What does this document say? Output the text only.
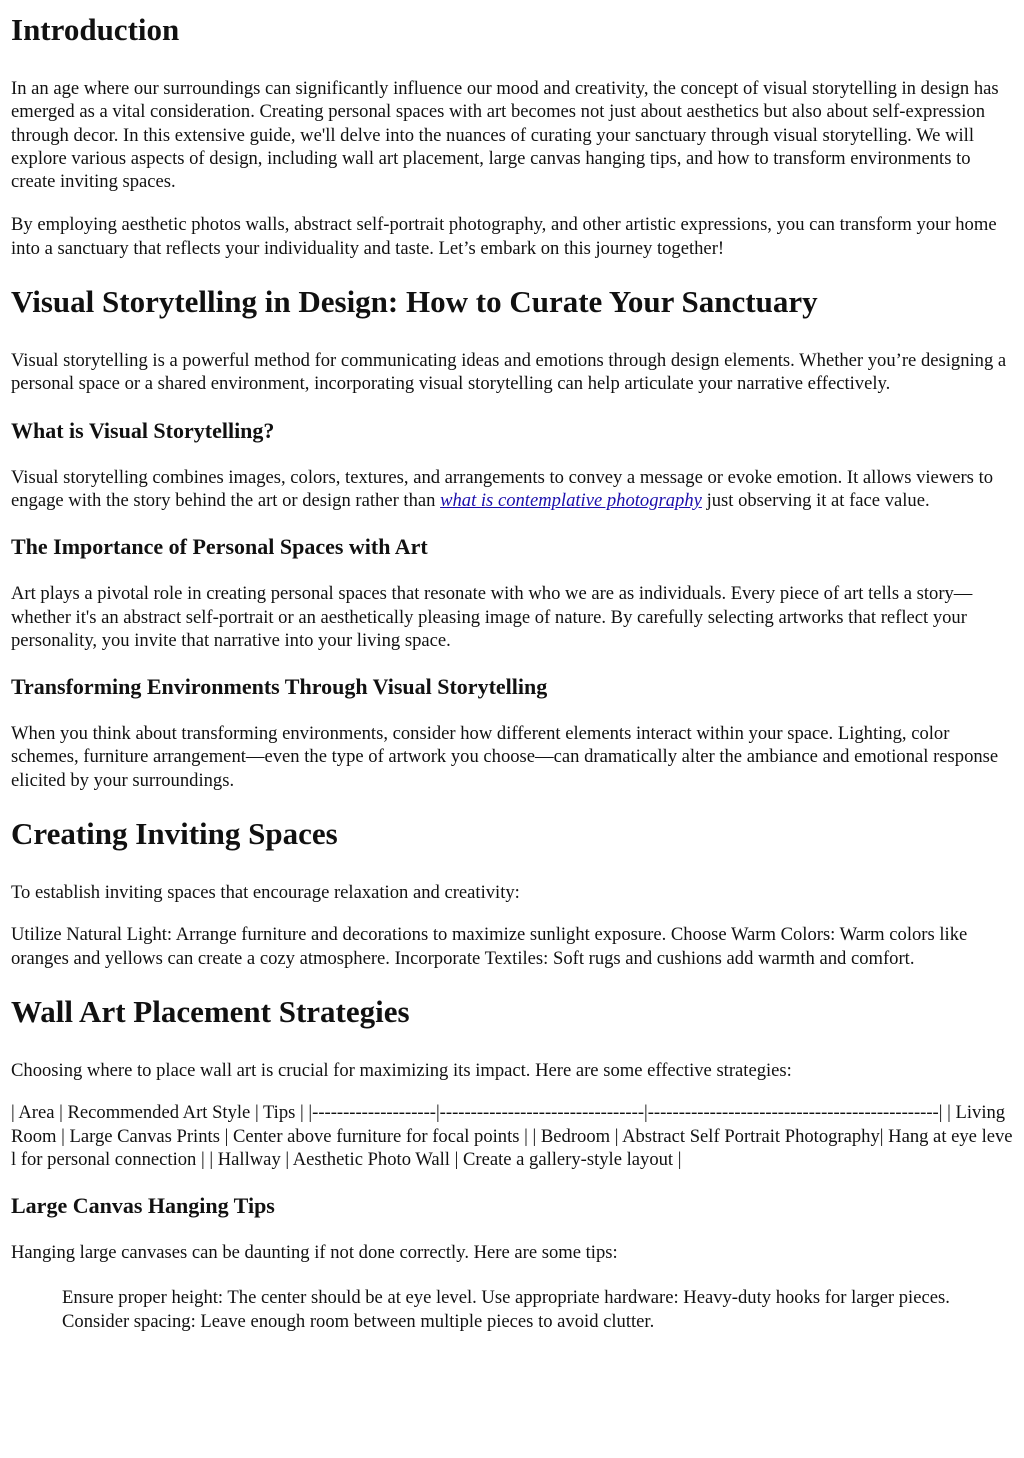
Introduction

In an age where our surroundings can significantly influence our mood and creativity, the concept of visual storytelling in design has emerged as a vital consideration. Creating personal spaces with art becomes not just about aesthetics but also about self-expression through decor. In this extensive guide, we'll delve into the nuances of curating your sanctuary through visual storytelling. We will explore various aspects of design, including wall art placement, large canvas hanging tips, and how to transform environments to create inviting spaces.

By employing aesthetic photos walls, abstract self-portrait photography, and other artistic expressions, you can transform your home into a sanctuary that reflects your individuality and taste. Let’s embark on this journey together!

Visual Storytelling in Design: How to Curate Your Sanctuary

Visual storytelling is a powerful method for communicating ideas and emotions through design elements. Whether you’re designing a personal space or a shared environment, incorporating visual storytelling can help articulate your narrative effectively.

What is Visual Storytelling?

Visual storytelling combines images, colors, textures, and arrangements to convey a message or evoke emotion. It allows viewers to engage with the story behind the art or design rather than what is contemplative photography just observing it at face value.

The Importance of Personal Spaces with Art

Art plays a pivotal role in creating personal spaces that resonate with who we are as individuals. Every piece of art tells a story—whether it's an abstract self-portrait or an aesthetically pleasing image of nature. By carefully selecting artworks that reflect your personality, you invite that narrative into your living space.

Transforming Environments Through Visual Storytelling

When you think about transforming environments, consider how different elements interact within your space. Lighting, color schemes, furniture arrangement—even the type of artwork you choose—can dramatically alter the ambiance and emotional response elicited by your surroundings.

Creating Inviting Spaces

To establish inviting spaces that encourage relaxation and creativity:

Utilize Natural Light: Arrange furniture and decorations to maximize sunlight exposure. Choose Warm Colors: Warm colors like oranges and yellows can create a cozy atmosphere. Incorporate Textiles: Soft rugs and cushions add warmth and comfort.

Wall Art Placement Strategies

Choosing where to place wall art is crucial for maximizing its impact. Here are some effective strategies:

| Area | Recommended Art Style | Tips | |--------------------|---------------------------------|-----------------------------------------------| | Living Room | Large Canvas Prints | Center above furniture for focal points | | Bedroom | Abstract Self Portrait Photography| Hang at eye level for personal connection | | Hallway | Aesthetic Photo Wall | Create a gallery-style layout |

Large Canvas Hanging Tips

Hanging large canvases can be daunting if not done correctly. Here are some tips:

Ensure proper height: The center should be at eye level. Use appropriate hardware: Heavy-duty hooks for larger pieces. Consider spacing: Leave enough room between multiple pieces to avoid clutter.
